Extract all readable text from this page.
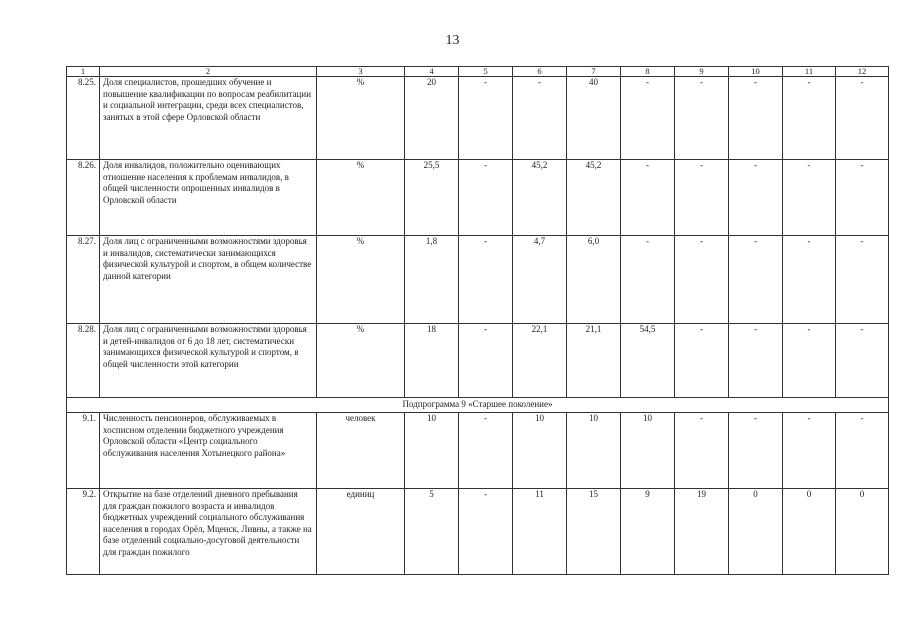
13
1	2	3	4	5	6	7	8	9	10	11	12
8.25.	Доля специалистов, прошедших обучение и повышение квалификации по вопросам реабилитации и социальной интеграции, среди всех специалистов, занятых в этой сфере Орловской области	%	20	-	-	40	-	-	-	-	-
8.26.	Доля инвалидов, положительно оценивающих отношение населения к проблемам инвалидов, в общей численности опрошенных инвалидов в Орловской области	%	25,5	-	45,2	45,2	-	-	-	-	-
8.27.	Доля лиц с ограниченными возможностями здоровья и инвалидов, систематически занимающихся физической культурой и спортом, в общем количестве данной категории	%	1,8	-	4,7	6,0	-	-	-	-	-
8.28.	Доля лиц с ограниченными возможностями здоровья и детей-инвалидов от 6 до 18 лет, систематически занимающихся физической культурой и спортом, в общей численности этой категории	%	18	-	22,1	21,1	54,5	-	-	-	-
Подпрограмма 9 «Старшее поколение»											
9.1.	Численность пенсионеров, обслуживаемых в хосписном отделении бюджетного учреждения Орловской области «Центр социального обслуживания населения Хотынецкого района»	человек	10	-	10	10	10	-	-	-	-
9.2.	Открытие на базе отделений дневного пребывания для граждан пожилого возраста и инвалидов бюджетных учреждений социального обслуживания населения в городах Орёл, Мценск, Ливны, а также на базе отделений социально-досуговой деятельности для граждан пожилого	единиц	5	-	11	15	9	19	0	0	0
